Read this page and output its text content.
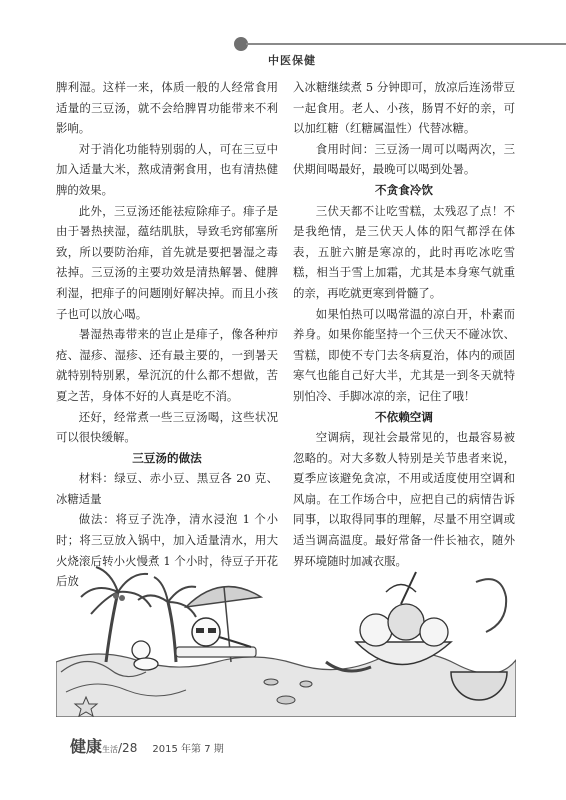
中医保健

脾利湿。这样一来，体质一般的人经常食用适量的三豆汤，就不会给脾胃功能带来不利影响。

对于消化功能特别弱的人，可在三豆中加入适量大米，熬成清粥食用，也有清热健脾的效果。

此外，三豆汤还能祛痘除痱子。痱子是由于暑热挟湿，蕴结肌肤，导致毛窍郁塞所致，所以要防治痱，首先就是要把暑湿之毒祛掉。三豆汤的主要功效是清热解暑、健脾利湿，把痱子的问题刚好解决掉。而且小孩子也可以放心喝。

暑湿热毒带来的岂止是痱子，像各种疖疮、湿疹、湿疹、还有最主要的，一到暑天就特别特别累，晕沉沉的什么都不想做，苦夏之苦，身体不好的人真是吃不消。

还好，经常煮一些三豆汤喝，这些状况可以很快缓解。

三豆汤的做法

材料：绿豆、赤小豆、黑豆各 20 克、冰糖适量

做法：将豆子洗净，清水浸泡 1 个小时；将三豆放入锅中，加入适量清水，用大火烧滚后转小火慢煮 1 个小时，待豆子开花后放

入冰糖继续煮 5 分钟即可，放凉后连汤带豆一起食用。老人、小孩，肠胃不好的亲，可以加红糖（红糖属温性）代替冰糖。

食用时间：三豆汤一周可以喝两次，三伏期间喝最好，最晚可以喝到处暑。

不贪食冷饮

三伏天都不让吃雪糕，太残忍了点！不是我绝情，是三伏天人体的阳气都浮在体表，五脏六腑是寒凉的，此时再吃冰吃雪糕，相当于雪上加霜，尤其是本身寒气就重的亲，再吃就更寒到骨髓了。

如果怕热可以喝常温的凉白开，朴素而养身。如果你能坚持一个三伏天不碰冰饮、雪糕，即使不专门去冬病夏治，体内的顽固寒气也能自己好大半，尤其是一到冬天就特别怕冷、手脚冰凉的亲，记住了哦！

不依赖空调

空调病，现社会最常见的，也最容易被忽略的。对大多数人特别是关节患者来说，夏季应该避免贪凉，不用或适度使用空调和风扇。在工作场合中，应把自己的病情告诉同事，以取得同事的理解，尽量不用空调或适当调高温度。最好常备一件长袖衣，随外界环境随时加减衣服。

健康生活/28 2015 年第 7 期
